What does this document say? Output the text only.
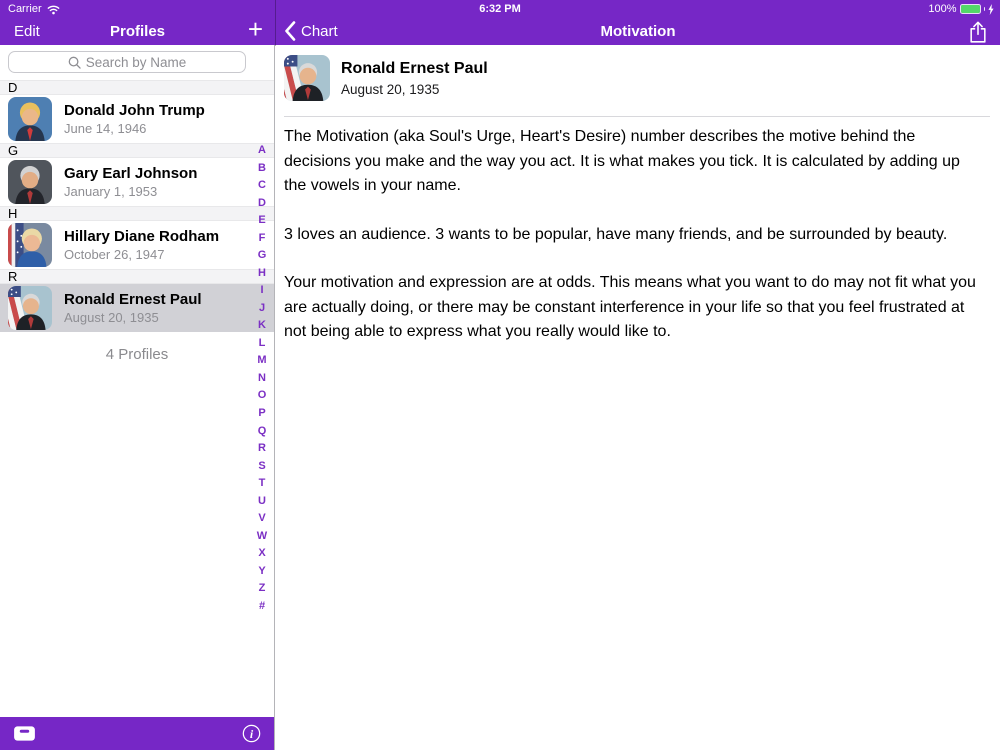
Carrier	6:32 PM	100%
Edit	Profiles	+	Chart	Motivation
Search by Name
D
Donald John Trump
June 14, 1946
G
Gary Earl Johnson
January 1, 1953
H
Hillary Diane Rodham
October 26, 1947
R
Ronald Ernest Paul
August 20, 1935
4 Profiles
A
B
C
D
E
F
G
H
I
J
K
L
M
N
O
P
Q
R
S
T
U
V
W
X
Y
Z
#
i
Ronald Ernest Paul
August 20, 1935

The Motivation (aka Soul's Urge, Heart's Desire) number describes the motive behind the decisions you make and the way you act. It is what makes you tick. It is calculated by adding up the vowels in your name.

3 loves an audience. 3 wants to be popular, have many friends, and be surrounded by beauty.

Your motivation and expression are at odds. This means what you want to do may not fit what you are actually doing, or there may be constant interference in your life so that you feel frustrated at not being able to express what you really would like to.
